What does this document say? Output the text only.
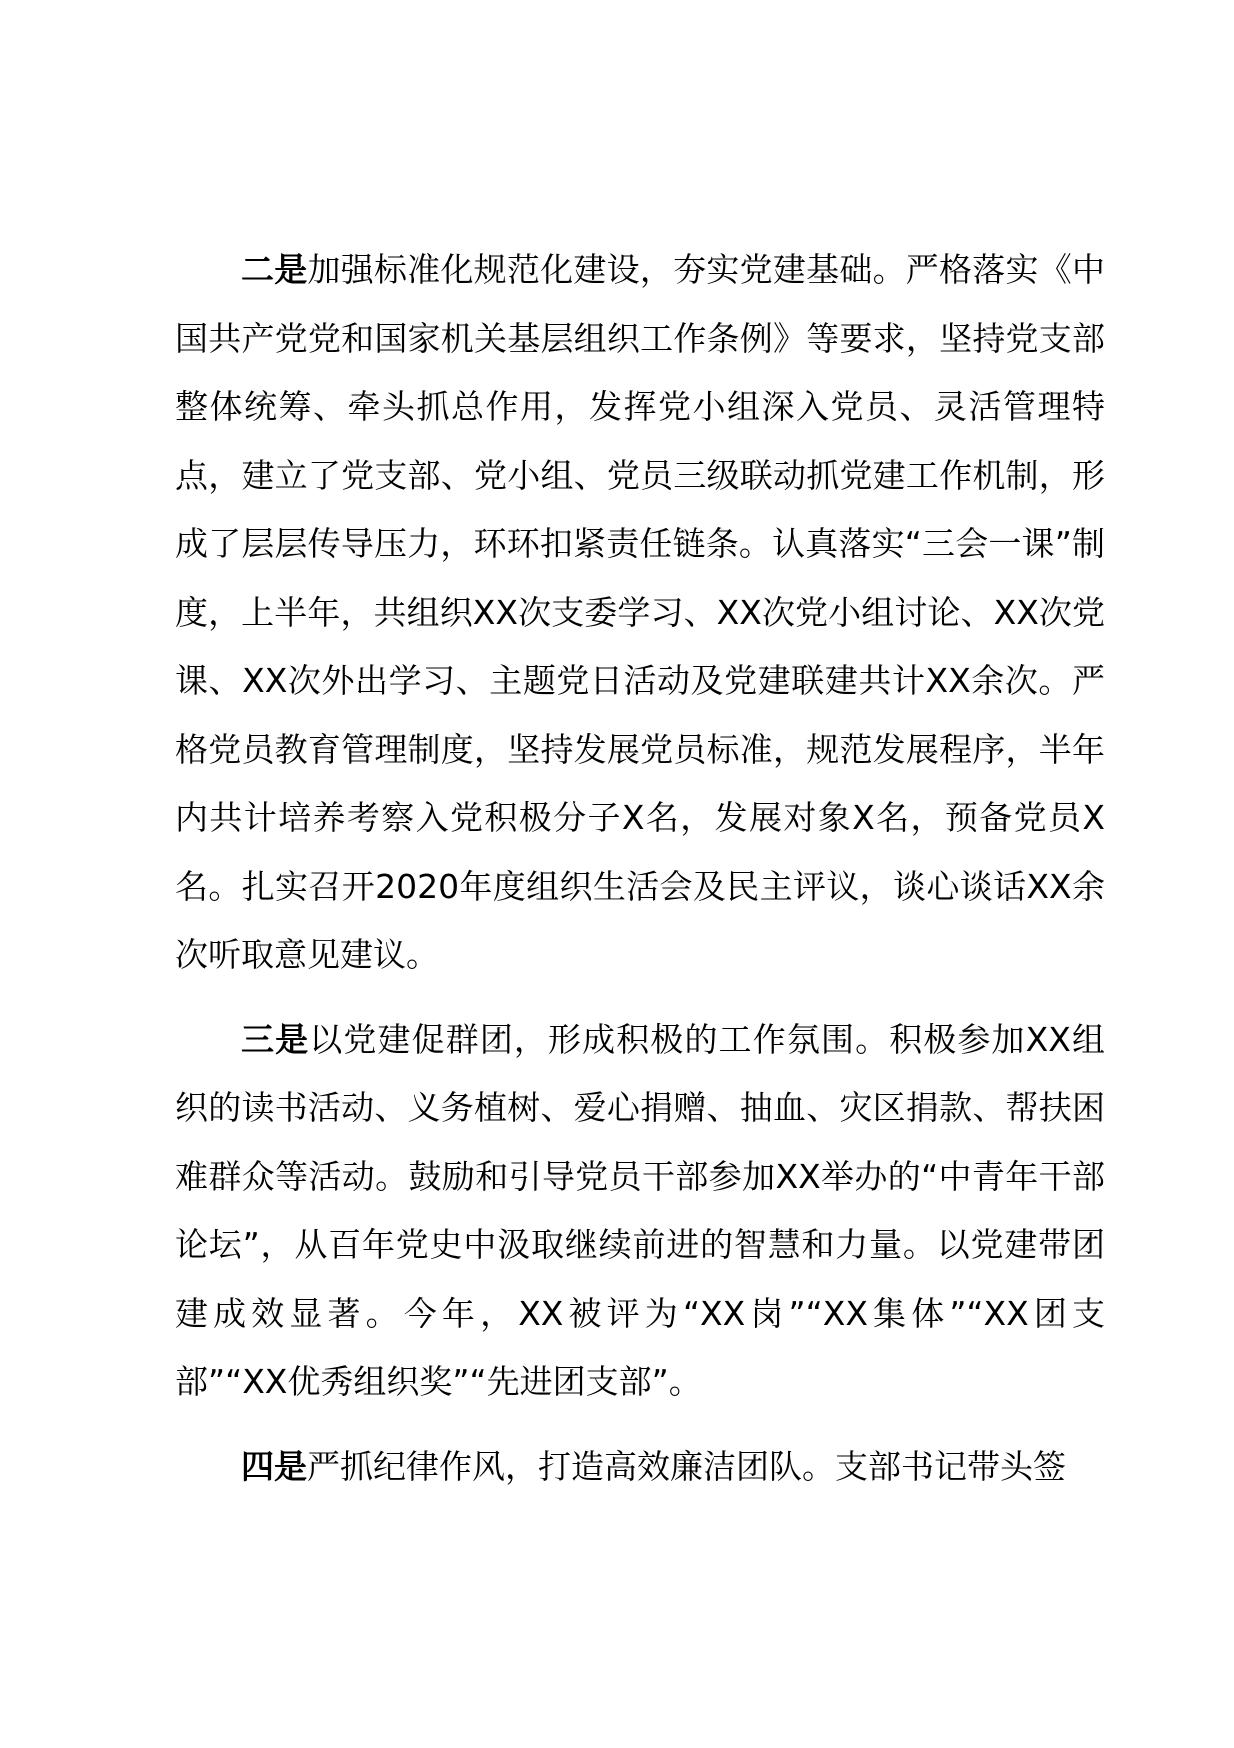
二是加强标准化规范化建设，夯实党建基础。严格落实《中国共产党党和国家机关基层组织工作条例》等要求，坚持党支部整体统筹、牵头抓总作用，发挥党小组深入党员、灵活管理特点，建立了党支部、党小组、党员三级联动抓党建工作机制，形成了层层传导压力，环环扣紧责任链条。认真落实“三会一课”制度，上半年，共组织XX次支委学习、XX次党小组讨论、XX次党课、XX次外出学习、主题党日活动及党建联建共计XX余次。严格党员教育管理制度，坚持发展党员标准，规范发展程序，半年内共计培养考察入党积极分子X名，发展对象X名，预备党员X名。扎实召开2020年度组织生活会及民主评议，谈心谈话XX余次听取意见建议。

三是以党建促群团，形成积极的工作氛围。积极参加XX组织的读书活动、义务植树、爱心捐赠、抽血、灾区捐款、帮扶困难群众等活动。鼓励和引导党员干部参加XX举办的“中青年干部论坛”，从百年党史中汲取继续前进的智慧和力量。以党建带团建成效显著。今年，XX被评为“XX岗”“XX集体”“XX团支部”“XX优秀组织奖”“先进团支部”。

四是严抓纪律作风，打造高效廉洁团队。支部书记带头签
